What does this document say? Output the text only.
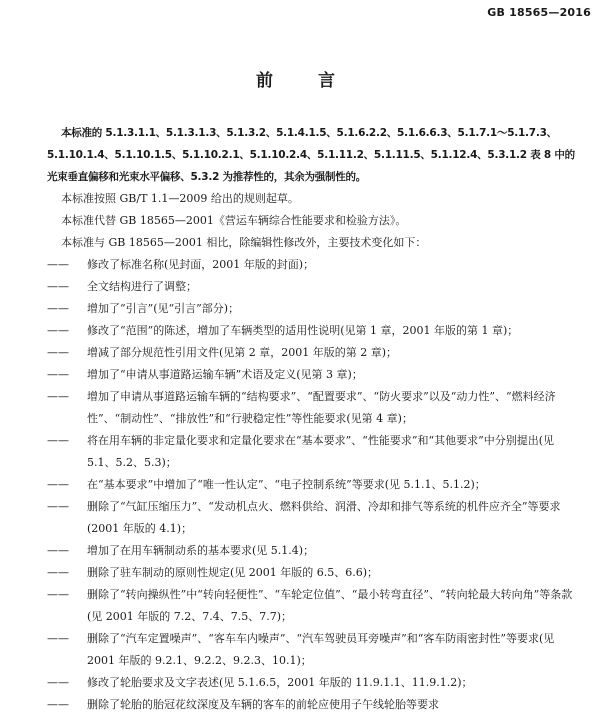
GB 18565—2016
前　言

本标准的 5.1.3.1.1、5.1.3.1.3、5.1.3.2、5.1.4.1.5、5.1.6.2.2、5.1.6.6.3、5.1.7.1～5.1.7.3、5.1.10.1.4、5.1.10.1.5、5.1.10.2.1、5.1.10.2.4、5.1.11.2、5.1.11.5、5.1.12.4、5.3.1.2 表 8 中的光束垂直偏移和光束水平偏移、5.3.2 为推荐性的，其余为强制性的。

本标准按照 GB/T 1.1—2009 给出的规则起草。

本标准代替 GB 18565—2001《营运车辆综合性能要求和检验方法》。

本标准与 GB 18565—2001 相比，除编辑性修改外，主要技术变化如下：

—— 修改了标准名称(见封面，2001 年版的封面)；

—— 全文结构进行了调整；

—— 增加了“引言”(见“引言”部分)；

—— 修改了“范围”的陈述，增加了车辆类型的适用性说明(见第 1 章，2001 年版的第 1 章)；

—— 增减了部分规范性引用文件(见第 2 章，2001 年版的第 2 章)；

—— 增加了“申请从事道路运输车辆”术语及定义(见第 3 章)；

—— 增加了申请从事道路运输车辆的“结构要求”、“配置要求”、“防火要求”以及“动力性”、“燃料经济性”、“制动性”、“排放性”和“行驶稳定性”等性能要求(见第 4 章)；

—— 将在用车辆的非定量化要求和定量化要求在“基本要求”、“性能要求”和“其他要求”中分别提出(见 5.1、5.2、5.3)；

—— 在“基本要求”中增加了“唯一性认定”、“电子控制系统”等要求(见 5.1.1、5.1.2)；

—— 删除了“气缸压缩压力”、“发动机点火、燃料供给、润滑、冷却和排气等系统的机件应齐全”等要求(2001 年版的 4.1)；

—— 增加了在用车辆制动系的基本要求(见 5.1.4)；

—— 删除了驻车制动的原则性规定(见 2001 年版的 6.5、6.6)；

—— 删除了“转向操纵性”中“转向轻便性”、“车轮定位值”、“最小转弯直径”、“转向轮最大转向角”等条款(见 2001 年版的 7.2、7.4、7.5、7.7)；

—— 删除了“汽车定置噪声”、“客车车内噪声”、“汽车驾驶员耳旁噪声”和“客车防雨密封性”等要求(见 2001 年版的 9.2.1、9.2.2、9.2.3、10.1)；

—— 修改了轮胎要求及文字表述(见 5.1.6.5，2001 年版的 11.9.1.1、11.9.1.2)；

—— 删除了轮胎的胎冠花纹深度及车辆的客车的前轮应使用子午线轮胎等要求
